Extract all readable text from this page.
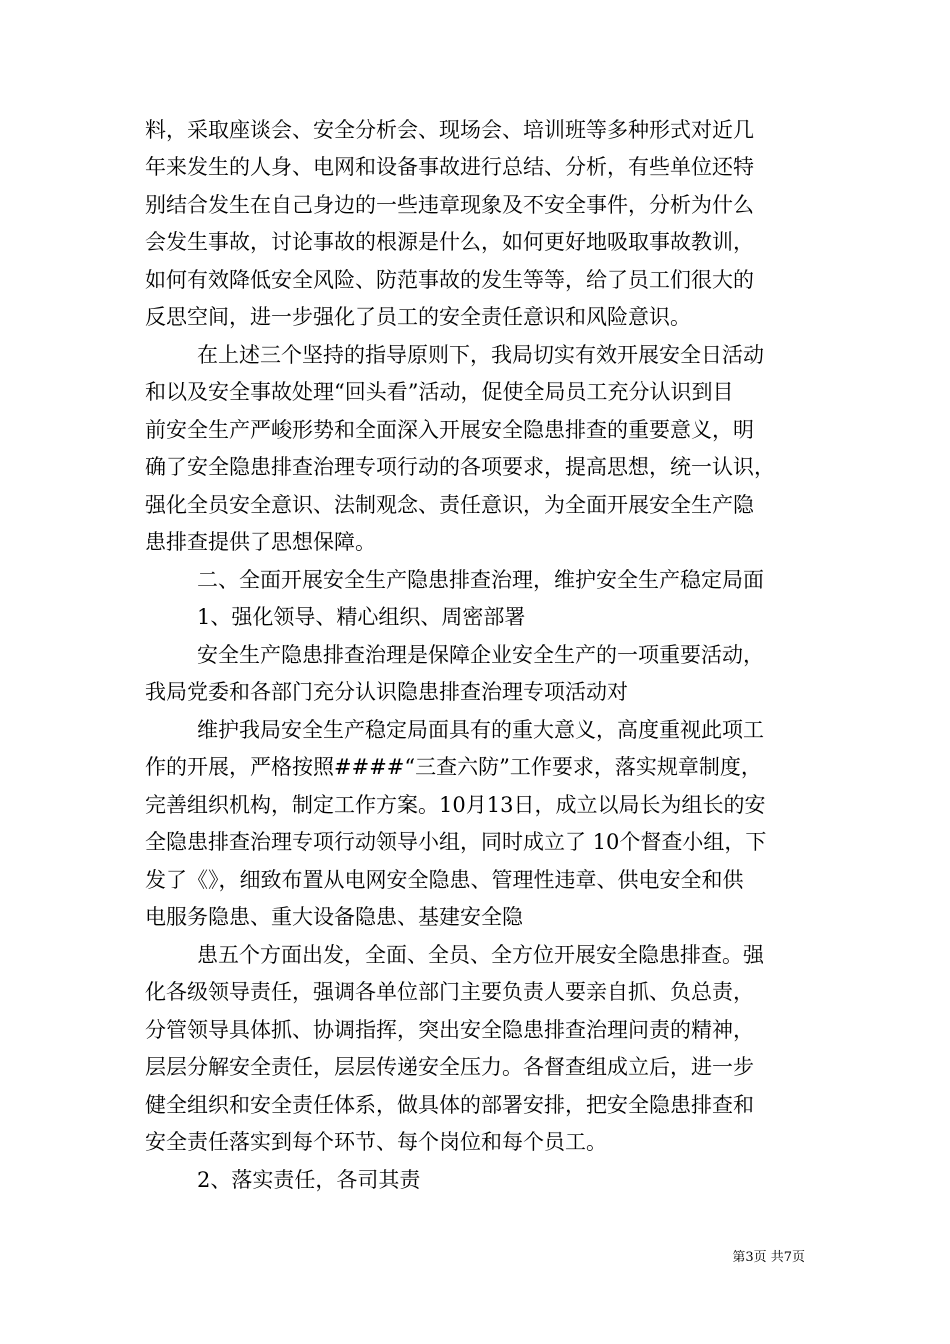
料，采取座谈会、安全分析会、现场会、培训班等多种形式对近几

年来发生的人身、电网和设备事故进行总结、分析，有些单位还特

别结合发生在自己身边的一些违章现象及不安全事件，分析为什么

会发生事故，讨论事故的根源是什么，如何更好地吸取事故教训，

如何有效降低安全风险、防范事故的发生等等，给了员工们很大的

反思空间，进一步强化了员工的安全责任意识和风险意识。

在上述三个坚持的指导原则下，我局切实有效开展安全日活动

和以及安全事故处理“回头看”活动，促使全局员工充分认识到目

前安全生产严峻形势和全面深入开展安全隐患排查的重要意义，明

确了安全隐患排查治理专项行动的各项要求，提高思想，统一认识，

强化全员安全意识、法制观念、责任意识，为全面开展安全生产隐

患排查提供了思想保障。

二、全面开展安全生产隐患排查治理，维护安全生产稳定局面

1、强化领导、精心组织、周密部署

安全生产隐患排查治理是保障企业安全生产的一项重要活动，

我局党委和各部门充分认识隐患排查治理专项活动对

维护我局安全生产稳定局面具有的重大意义，高度重视此项工

作的开展，严格按照####“三查六防”工作要求，落实规章制度，

完善组织机构，制定工作方案。10月13日，成立以局长为组长的安

全隐患排查治理专项行动领导小组，同时成立了 10个督查小组，下

发了《》，细致布置从电网安全隐患、管理性违章、供电安全和供

电服务隐患、重大设备隐患、基建安全隐

患五个方面出发，全面、全员、全方位开展安全隐患排查。强

化各级领导责任，强调各单位部门主要负责人要亲自抓、负总责，

分管领导具体抓、协调指挥，突出安全隐患排查治理问责的精神，

层层分解安全责任，层层传递安全压力。各督查组成立后，进一步

健全组织和安全责任体系，做具体的部署安排，把安全隐患排查和

安全责任落实到每个环节、每个岗位和每个员工。

2、落实责任，各司其责

第3页 共7页
